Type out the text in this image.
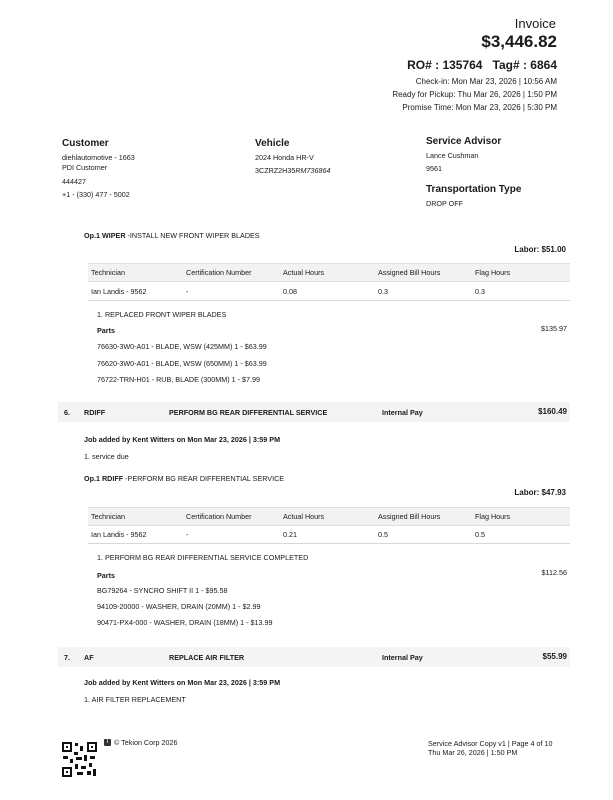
Invoice
$3,446.82
RO# : 135764 Tag# : 6864
Check-in: Mon Mar 23, 2026 | 10:56 AM
Ready for Pickup: Thu Mar 26, 2026 | 1:50 PM
Promise Time: Mon Mar 23, 2026 | 5:30 PM
Customer
diehlautomotive - 1663
PDI Customer
444427
+1 - (330) 477 - 5002
Vehicle
2024 Honda HR-V
3CZRZ2H35RM736864
Service Advisor
Lance Cushman
9561
Transportation Type
DROP OFF
Op.1 WIPER -INSTALL NEW FRONT WIPER BLADES
Labor: $51.00
Technician	Certification Number	Actual Hours	Assigned Bill Hours	Flag Hours
Ian Landis - 9562	-	0.08	0.3	0.3
1. REPLACED FRONT WIPER BLADES
Parts	$135.97
76630-3W0-A01 - BLADE, WSW (425MM) 1 - $63.99
76620-3W0-A01 - BLADE, WSW (650MM) 1 - $63.99
76722-TRN-H01 - RUB, BLADE (300MM) 1 - $7.99
6. RDIFF	PERFORM BG REAR DIFFERENTIAL SERVICE	Internal Pay	$160.49
Job added by Kent Witters on Mon Mar 23, 2026 | 3:59 PM
1. service due
Op.1 RDIFF -PERFORM BG REAR DIFFERENTIAL SERVICE
Labor: $47.93
Technician	Certification Number	Actual Hours	Assigned Bill Hours	Flag Hours
Ian Landis - 9562	-	0.21	0.5	0.5
1. PERFORM BG REAR DIFFERENTIAL SERVICE COMPLETED
Parts	$112.56
BG79264 - SYNCRO SHIFT II 1 - $95.58
94109-20000 - WASHER, DRAIN (20MM) 1 - $2.99
90471-PX4-000 - WASHER, DRAIN (18MM) 1 - $13.99
7. AF	REPLACE AIR FILTER	Internal Pay	$55.99
Job added by Kent Witters on Mon Mar 23, 2026 | 3:59 PM
1. AIR FILTER REPLACEMENT
T © Tekion Corp 2026	Service Advisor Copy v1 | Page 4 of 10
Thu Mar 26, 2026 | 1:50 PM
